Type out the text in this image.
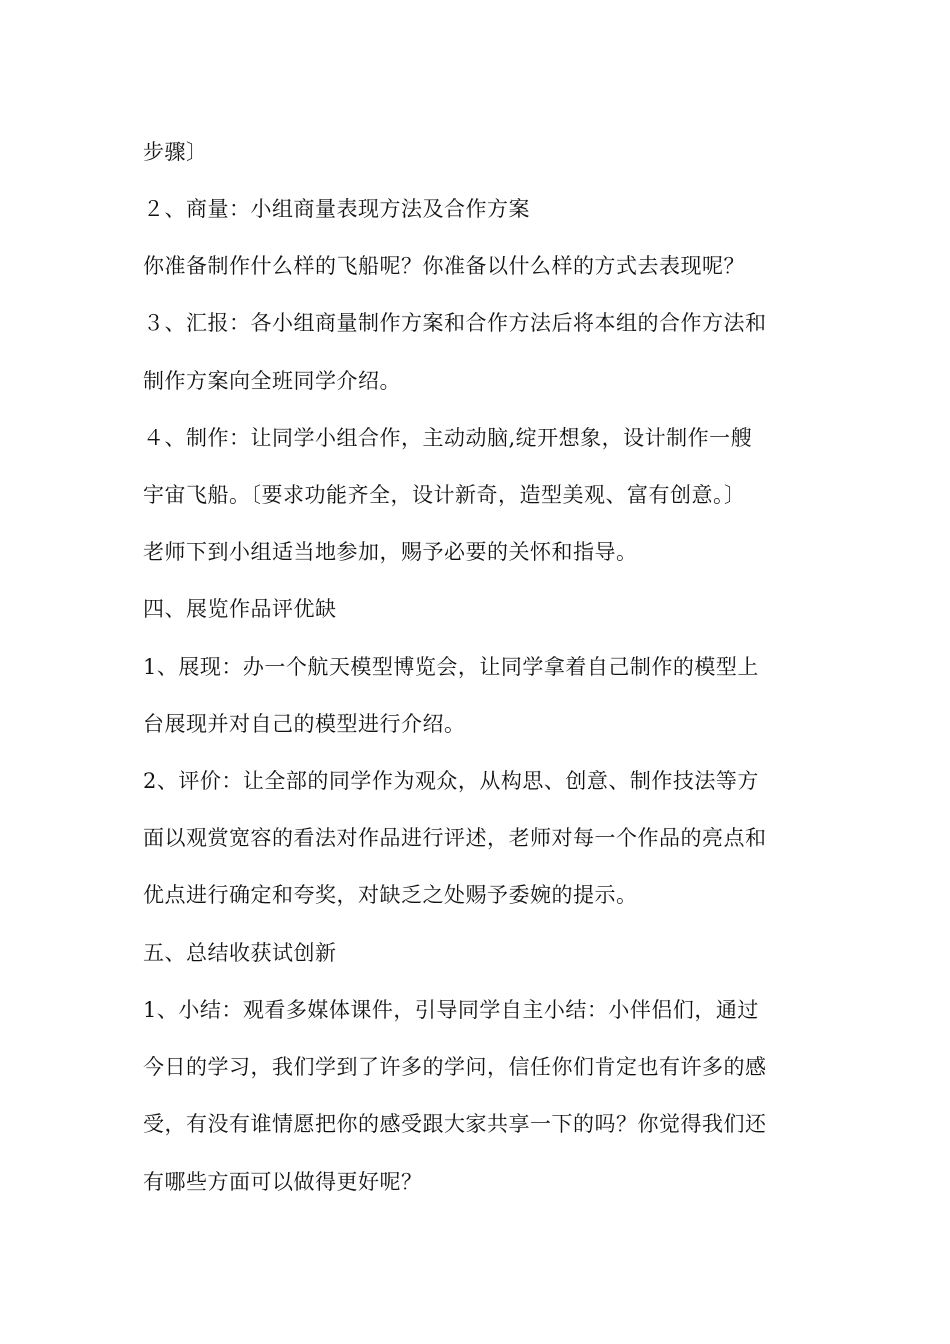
步骤〕
２、商量：小组商量表现方法及合作方案
你准备制作什么样的飞船呢？你准备以什么样的方式去表现呢？
３、汇报：各小组商量制作方案和合作方法后将本组的合作方法和
制作方案向全班同学介绍。
４、制作：让同学小组合作，主动动脑,绽开想象，设计制作一艘
宇宙飞船。〔要求功能齐全，设计新奇，造型美观、富有创意。〕
老师下到小组适当地参加，赐予必要的关怀和指导。
四、展览作品评优缺
1、展现：办一个航天模型博览会，让同学拿着自己制作的模型上
台展现并对自己的模型进行介绍。
2、评价：让全部的同学作为观众，从构思、创意、制作技法等方
面以观赏宽容的看法对作品进行评述，老师对每一个作品的亮点和
优点进行确定和夸奖，对缺乏之处赐予委婉的提示。
五、总结收获试创新
1、小结：观看多媒体课件，引导同学自主小结：小伴侣们，通过
今日的学习，我们学到了许多的学问，信任你们肯定也有许多的感
受，有没有谁情愿把你的感受跟大家共享一下的吗？你觉得我们还
有哪些方面可以做得更好呢？
